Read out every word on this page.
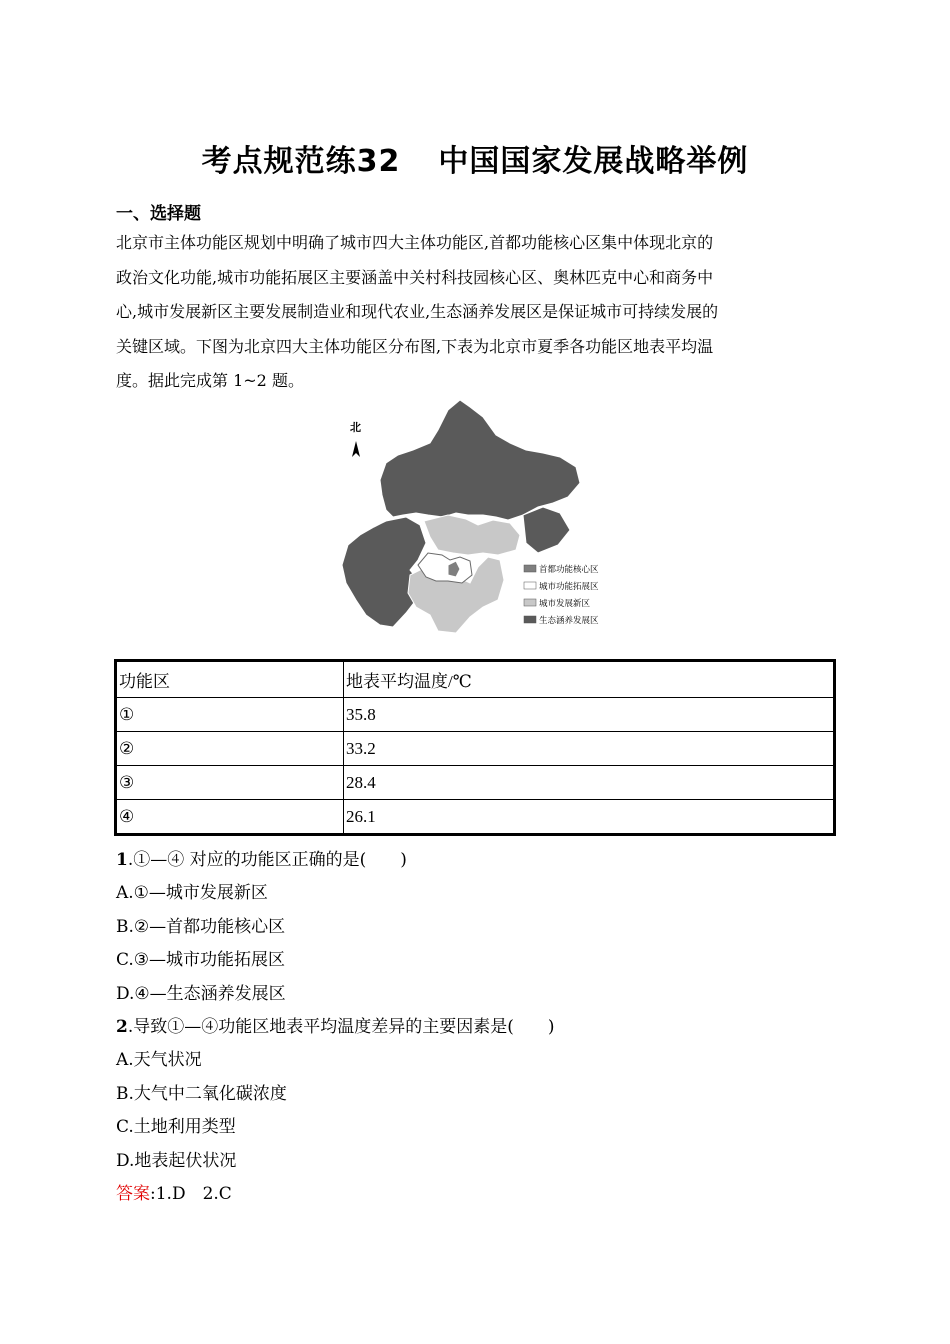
考点规范练32 中国国家发展战略举例
一、选择题
北京市主体功能区规划中明确了城市四大主体功能区,首都功能核心区集中体现北京的
政治文化功能,城市功能拓展区主要涵盖中关村科技园核心区、奥林匹克中心和商务中
心,城市发展新区主要发展制造业和现代农业,生态涵养发展区是保证城市可持续发展的
关键区域。下图为北京四大主体功能区分布图,下表为北京市夏季各功能区地表平均温
度。据此完成第 1~2 题。
北
首都功能核心区
城市功能拓展区
城市发展新区
生态涵养发展区
功能区	地表平均温度/℃
①	35.8
②	33.2
③	28.4
④	26.1
1.①—④ 对应的功能区正确的是(　　)
A.①—城市发展新区
B.②—首都功能核心区
C.③—城市功能拓展区
D.④—生态涵养发展区
2.导致①—④功能区地表平均温度差异的主要因素是(　　)
A.天气状况
B.大气中二氧化碳浓度
C.土地利用类型
D.地表起伏状况
答案:1.D　2.C
